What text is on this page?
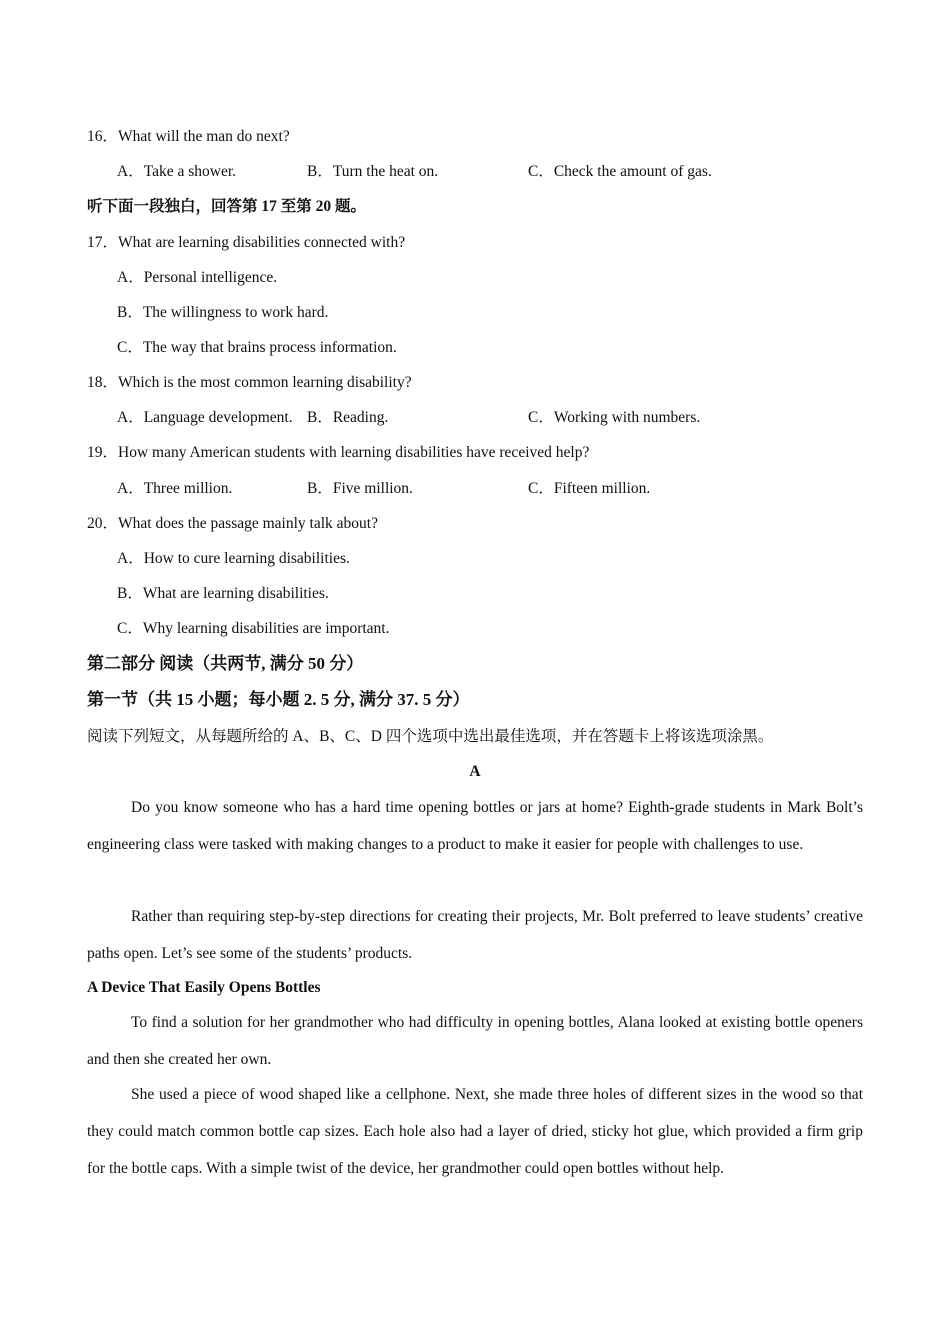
16．What will the man do next?
A．Take a shower.	B．Turn the heat on.	C．Check the amount of gas.
听下面一段独白，回答第 17 至第 20 题。
17．What are learning disabilities connected with?
A．Personal intelligence.
B．The willingness to work hard.
C．The way that brains process information.
18．Which is the most common learning disability?
A．Language development. B．Reading.	C．Working with numbers.
19．How many American students with learning disabilities have received help?
A．Three million.	B．Five million.	C．Fifteen million.
20．What does the passage mainly talk about?
A．How to cure learning disabilities.
B．What are learning disabilities.
C．Why learning disabilities are important.
第二部分 阅读（共两节, 满分 50 分）
第一节（共 15 小题；每小题 2. 5 分, 满分 37. 5 分）
阅读下列短文，从每题所给的 A、B、C、D 四个选项中选出最佳选项，并在答题卡上将该选项涂黑。
A

Do you know someone who has a hard time opening bottles or jars at home? Eighth-grade students in Mark Bolt’s engineering class were tasked with making changes to a product to make it easier for people with challenges to use.

Rather than requiring step-by-step directions for creating their projects, Mr. Bolt preferred to leave students’ creative paths open. Let’s see some of the students’ products.

A Device That Easily Opens Bottles

To find a solution for her grandmother who had difficulty in opening bottles, Alana looked at existing bottle openers and then she created her own.

She used a piece of wood shaped like a cellphone. Next, she made three holes of different sizes in the wood so that they could match common bottle cap sizes. Each hole also had a layer of dried, sticky hot glue, which provided a firm grip for the bottle caps. With a simple twist of the device, her grandmother could open bottles without help.
